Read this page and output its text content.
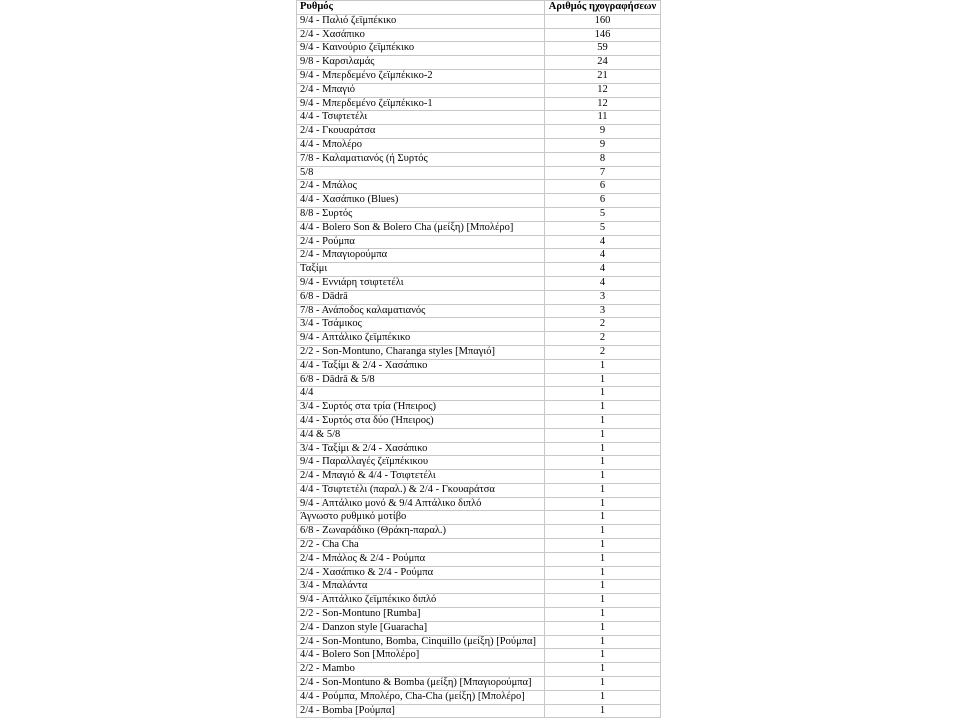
Ρυθμός	Αριθμός ηχογραφήσεων
9/4 - Παλιό ζεϊμπέκικο	160
2/4 - Χασάπικο	146
9/4 - Καινούριο ζεϊμπέκικο	59
9/8 - Καρσιλαμάς	24
9/4 - Μπερδεμένο ζεϊμπέκικο-2	21
2/4 - Μπαγιό	12
9/4 - Μπερδεμένο ζεϊμπέκικο-1	12
4/4 - Τσιφτετέλι	11
2/4 - Γκουαράτσα	9
4/4 - Μπολέρο	9
7/8 - Καλαματιανός (ή Συρτός	8
5/8	7
2/4 - Μπάλος	6
4/4 - Χασάπικο (Blues)	6
8/8 - Συρτός	5
4/4 - Bolero Son & Bolero Cha (μείξη) [Μπολέρο]	5
2/4 - Ρούμπα	4
2/4 - Μπαγιορούμπα	4
Ταξίμι	4
9/4 - Εννιάρη τσιφτετέλι	4
6/8 - Dādrā	3
7/8 - Ανάποδος καλαματιανός	3
3/4 - Τσάμικος	2
9/4 - Απτάλικο ζεϊμπέκικο	2
2/2 - Son-Montuno, Charanga styles [Μπαγιό]	2
4/4 - Ταξίμι & 2/4 - Χασάπικο	1
6/8 - Dādrā & 5/8	1
4/4	1
3/4 - Συρτός στα τρία (Ήπειρος)	1
4/4 - Συρτός στα δύο (Ήπειρος)	1
4/4 & 5/8	1
3/4 - Ταξίμι & 2/4 - Χασάπικο	1
9/4 - Παραλλαγές ζεϊμπέκικου	1
2/4 - Μπαγιό & 4/4 - Τσιφτετέλι	1
4/4 - Τσιφτετέλι (παραλ.) & 2/4 - Γκουαράτσα	1
9/4 - Απτάλικο μονό & 9/4 Απτάλικο διπλό	1
Άγνωστο ρυθμικό μοτίβο	1
6/8 - Ζωναράδικο (Θράκη-παραλ.)	1
2/2 - Cha Cha	1
2/4 - Μπάλος & 2/4 - Ρούμπα	1
2/4 - Χασάπικο & 2/4 - Ρούμπα	1
3/4 - Μπαλάντα	1
9/4 - Απτάλικο ζεϊμπέκικο διπλό	1
2/2 - Son-Montuno [Rumba]	1
2/4 - Danzon style [Guaracha]	1
2/4 - Son-Montuno, Bomba, Cinquillo (μείξη) [Ρούμπα]	1
4/4 - Bolero Son [Μπολέρο]	1
2/2 - Mambo	1
2/4 - Son-Montuno & Bomba (μείξη) [Μπαγιορούμπα]	1
4/4 - Ρούμπα, Μπολέρο, Cha-Cha (μείξη) [Μπολέρο]	1
2/4 - Bomba [Ρούμπα]	1
